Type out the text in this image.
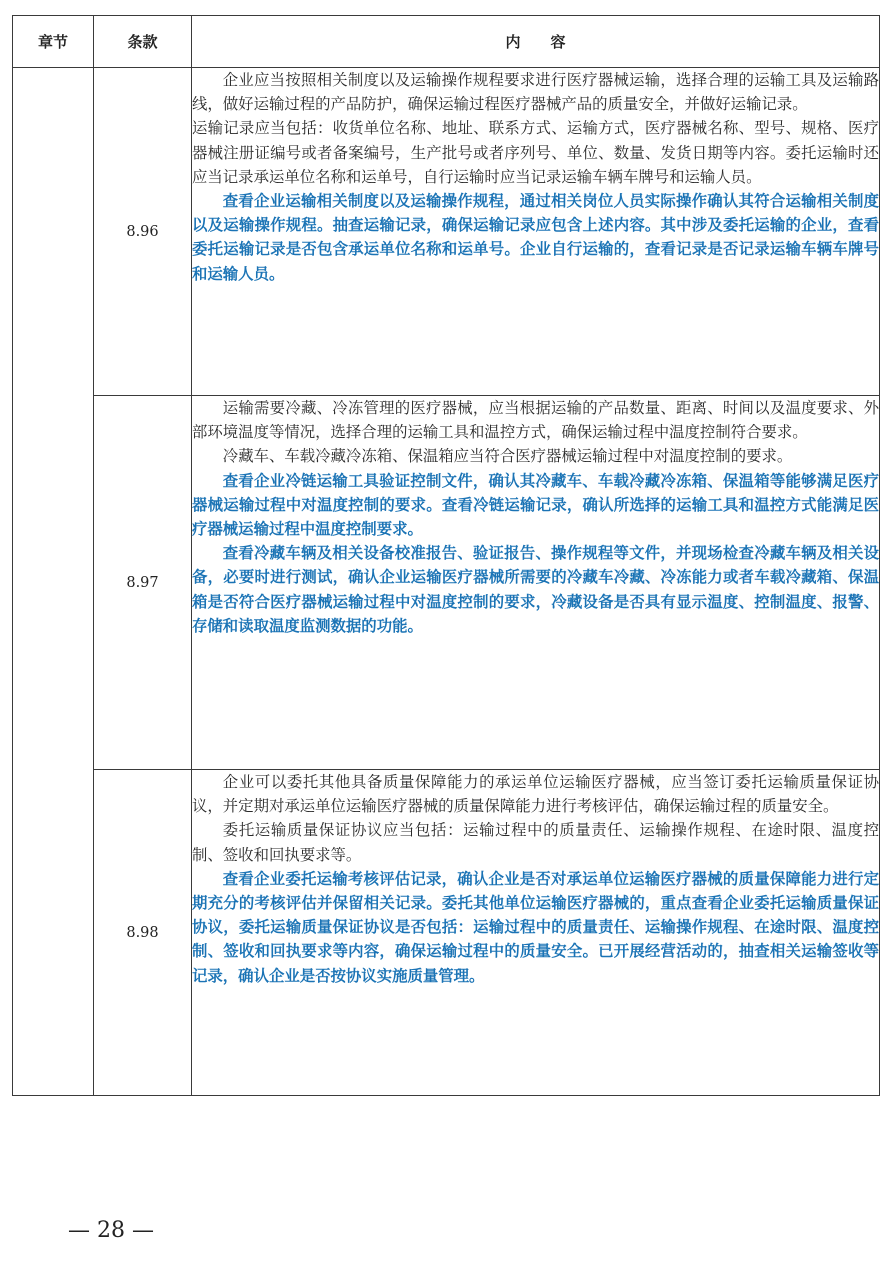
章节	条款	内　　容
	8.96	企业应当按照相关制度以及运输操作规程要求进行医疗器械运输，选择合理的运输工具及运输路线，做好运输过程的产品防护，确保运输过程医疗器械产品的质量安全，并做好运输记录。

运输记录应当包括：收货单位名称、地址、联系方式、运输方式，医疗器械名称、型号、规格、医疗器械注册证编号或者备案编号，生产批号或者序列号、单位、数量、发货日期等内容。委托运输时还应当记录承运单位名称和运单号，自行运输时应当记录运输车辆车牌号和运输人员。

查看企业运输相关制度以及运输操作规程，通过相关岗位人员实际操作确认其符合运输相关制度以及运输操作规程。抽查运输记录，确保运输记录应包含上述内容。其中涉及委托运输的企业，查看委托运输记录是否包含承运单位名称和运单号。企业自行运输的，查看记录是否记录运输车辆车牌号和运输人员。

	8.97	运输需要冷藏、冷冻管理的医疗器械，应当根据运输的产品数量、距离、时间以及温度要求、外部环境温度等情况，选择合理的运输工具和温控方式，确保运输过程中温度控制符合要求。

冷藏车、车载冷藏冷冻箱、保温箱应当符合医疗器械运输过程中对温度控制的要求。

查看企业冷链运输工具验证控制文件，确认其冷藏车、车载冷藏冷冻箱、保温箱等能够满足医疗器械运输过程中对温度控制的要求。查看冷链运输记录，确认所选择的运输工具和温控方式能满足医疗器械运输过程中温度控制要求。

查看冷藏车辆及相关设备校准报告、验证报告、操作规程等文件，并现场检查冷藏车辆及相关设备，必要时进行测试，确认企业运输医疗器械所需要的冷藏车冷藏、冷冻能力或者车载冷藏箱、保温箱是否符合医疗器械运输过程中对温度控制的要求，冷藏设备是否具有显示温度、控制温度、报警、存储和读取温度监测数据的功能。

	8.98	企业可以委托其他具备质量保障能力的承运单位运输医疗器械，应当签订委托运输质量保证协议，并定期对承运单位运输医疗器械的质量保障能力进行考核评估，确保运输过程的质量安全。

委托运输质量保证协议应当包括：运输过程中的质量责任、运输操作规程、在途时限、温度控制、签收和回执要求等。

查看企业委托运输考核评估记录，确认企业是否对承运单位运输医疗器械的质量保障能力进行定期充分的考核评估并保留相关记录。委托其他单位运输医疗器械的，重点查看企业委托运输质量保证协议，委托运输质量保证协议是否包括：运输过程中的质量责任、运输操作规程、在途时限、温度控制、签收和回执要求等内容，确保运输过程中的质量安全。已开展经营活动的，抽查相关运输签收等记录，确认企业是否按协议实施质量管理。

— 28 —
